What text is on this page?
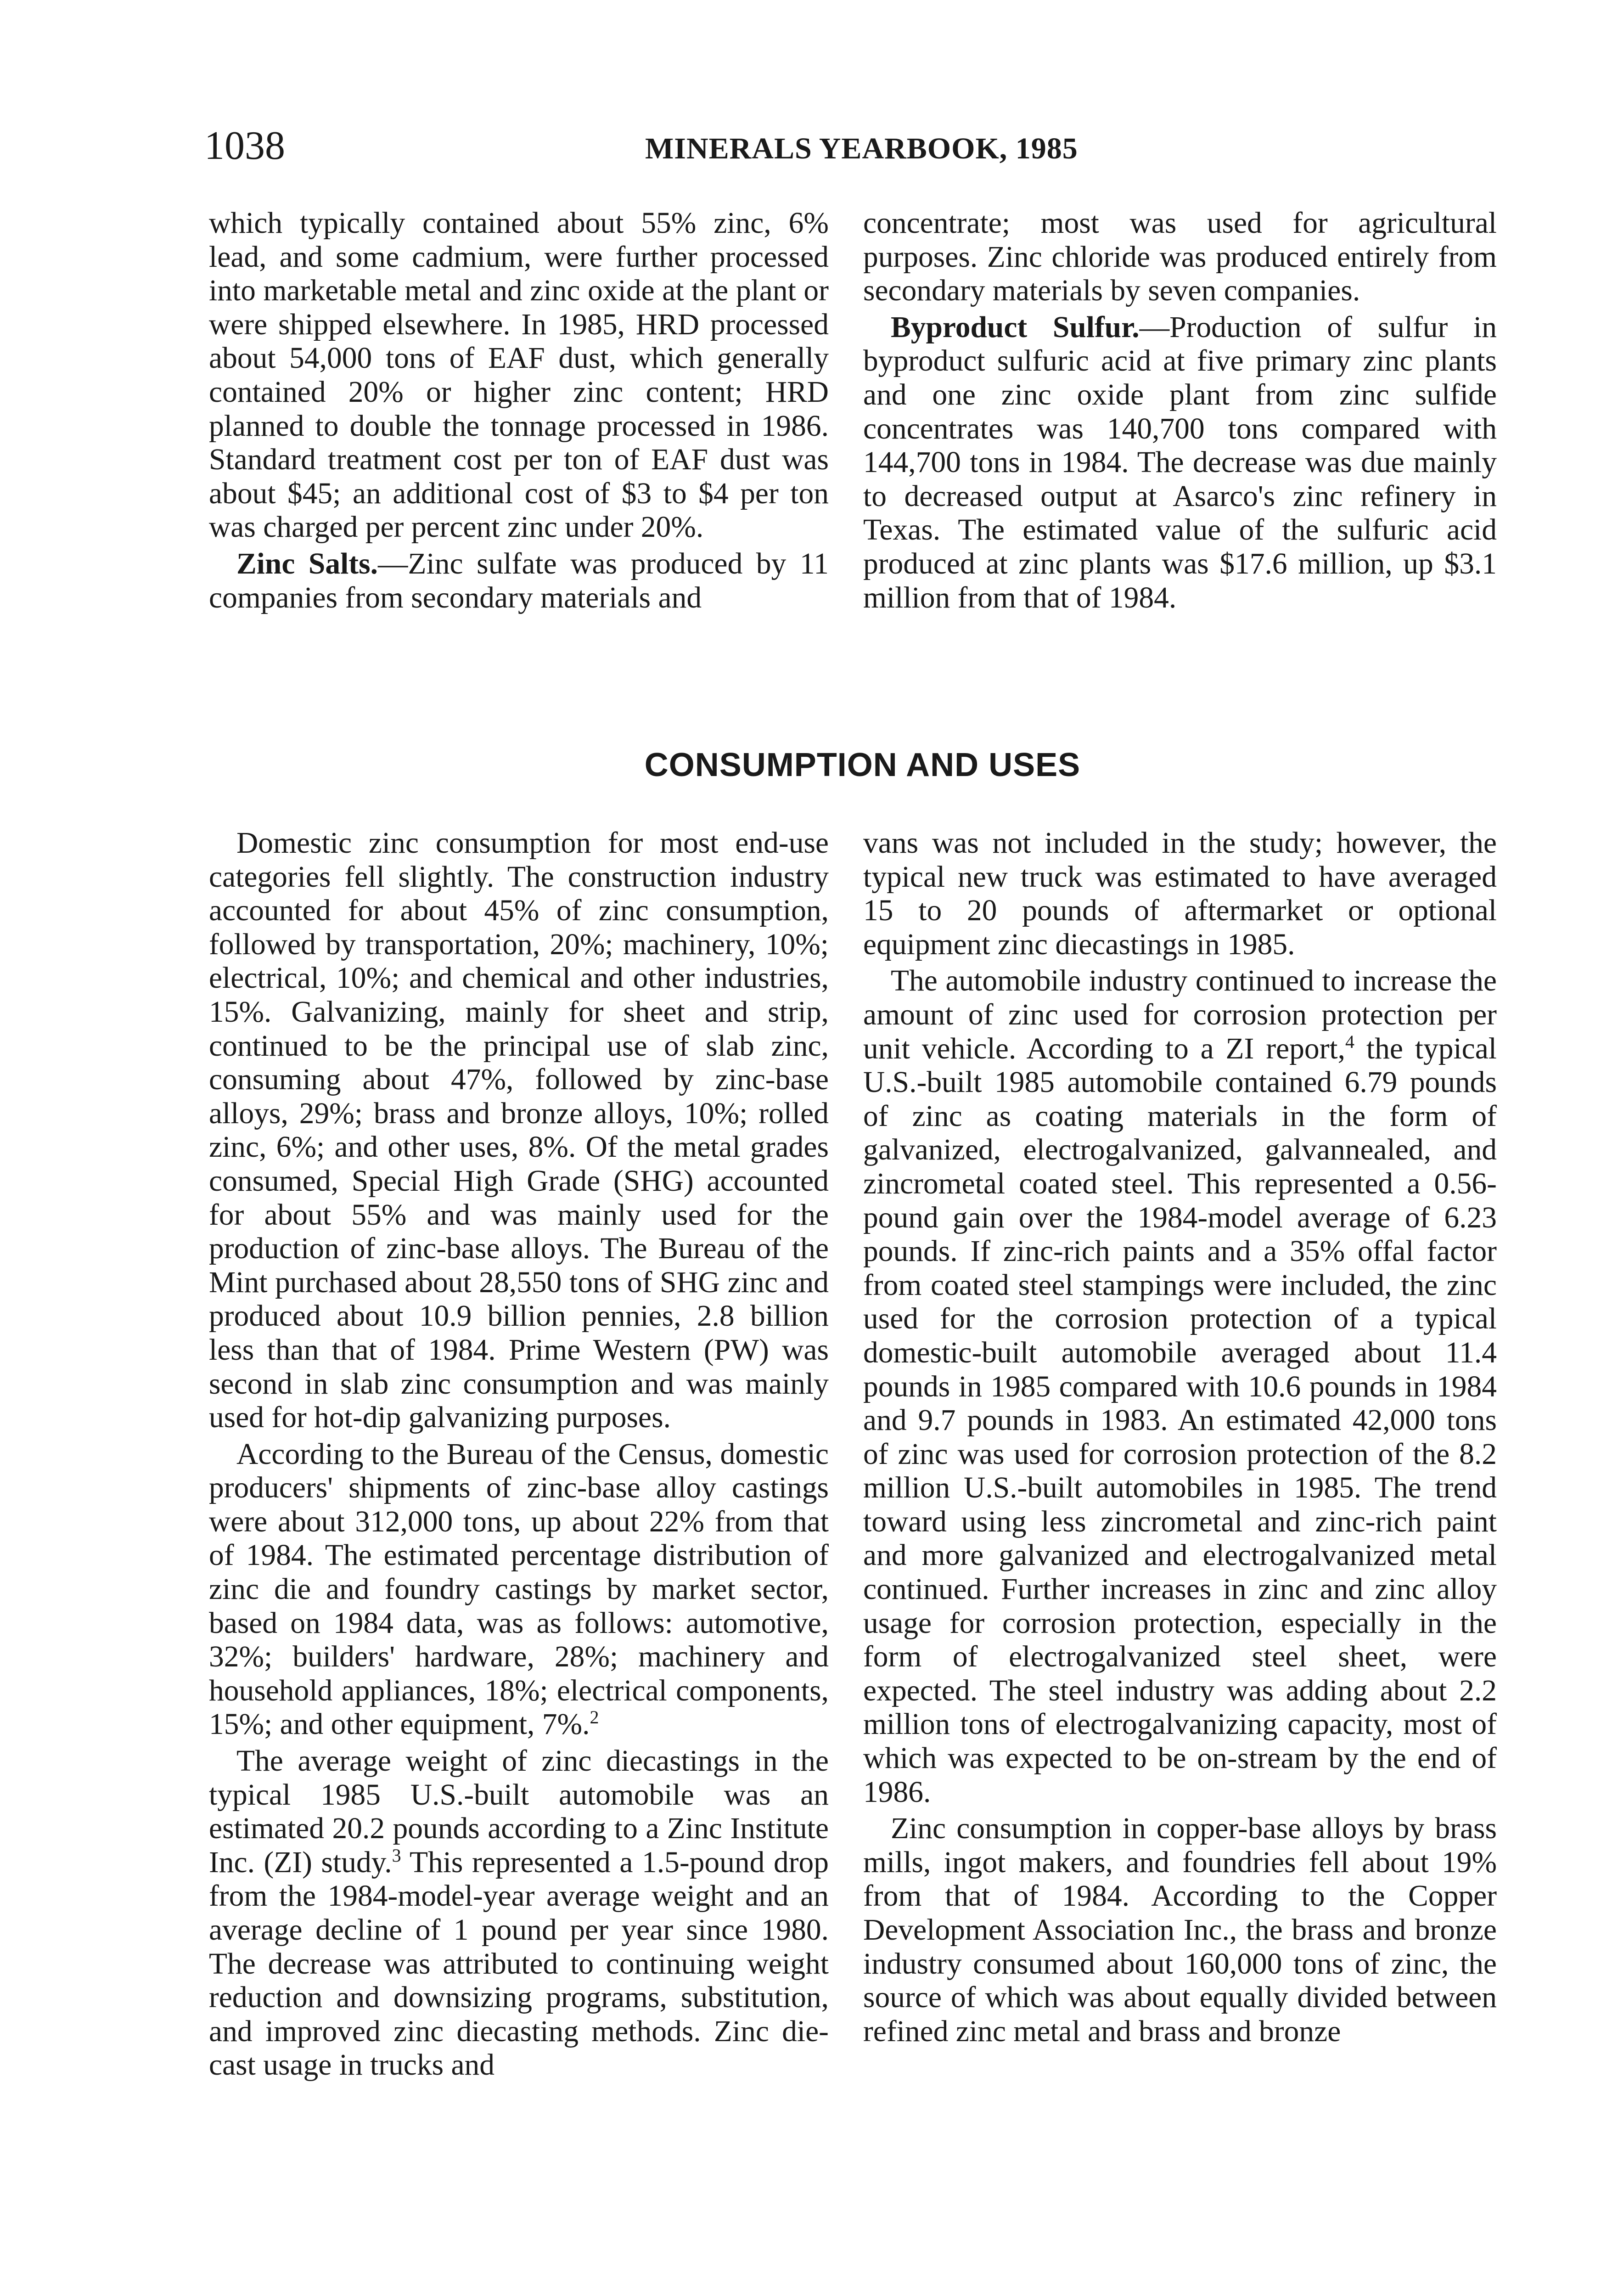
1038	MINERALS YEARBOOK, 1985

which typically contained about 55% zinc, 6% lead, and some cadmium, were further processed into marketable metal and zinc oxide at the plant or were shipped elsewhere. In 1985, HRD processed about 54,000 tons of EAF dust, which generally contained 20% or higher zinc content; HRD planned to double the tonnage processed in 1986. Standard treatment cost per ton of EAF dust was about $45; an additional cost of $3 to $4 per ton was charged per percent zinc under 20%.

Zinc Salts.—Zinc sulfate was produced by 11 companies from secondary materials and

concentrate; most was used for agricultural purposes. Zinc chloride was produced entirely from secondary materials by seven companies.

Byproduct Sulfur.—Production of sulfur in byproduct sulfuric acid at five primary zinc plants and one zinc oxide plant from zinc sulfide concentrates was 140,700 tons compared with 144,700 tons in 1984. The decrease was due mainly to decreased output at Asarco's zinc refinery in Texas. The estimated value of the sulfuric acid produced at zinc plants was $17.6 million, up $3.1 million from that of 1984.

CONSUMPTION AND USES

Domestic zinc consumption for most end-use categories fell slightly. The construction industry accounted for about 45% of zinc consumption, followed by transportation, 20%; machinery, 10%; electrical, 10%; and chemical and other industries, 15%. Galvanizing, mainly for sheet and strip, continued to be the principal use of slab zinc, consuming about 47%, followed by zinc-base alloys, 29%; brass and bronze alloys, 10%; rolled zinc, 6%; and other uses, 8%. Of the metal grades consumed, Special High Grade (SHG) accounted for about 55% and was mainly used for the production of zinc-base alloys. The Bureau of the Mint purchased about 28,550 tons of SHG zinc and produced about 10.9 billion pennies, 2.8 billion less than that of 1984. Prime Western (PW) was second in slab zinc consumption and was mainly used for hot-dip galvanizing purposes.

According to the Bureau of the Census, domestic producers' shipments of zinc-base alloy castings were about 312,000 tons, up about 22% from that of 1984. The estimated percentage distribution of zinc die and foundry castings by market sector, based on 1984 data, was as follows: automotive, 32%; builders' hardware, 28%; machinery and household appliances, 18%; electrical components, 15%; and other equipment, 7%.$^2$

The average weight of zinc diecastings in the typical 1985 U.S.-built automobile was an estimated 20.2 pounds according to a Zinc Institute Inc. (ZI) study.$^3$ This represented a 1.5-pound drop from the 1984-model-year average weight and an average decline of 1 pound per year since 1980. The decrease was attributed to continuing weight reduction and downsizing programs, substitution, and improved zinc diecasting methods. Zinc die-cast usage in trucks and

vans was not included in the study; however, the typical new truck was estimated to have averaged 15 to 20 pounds of aftermarket or optional equipment zinc diecastings in 1985.

The automobile industry continued to increase the amount of zinc used for corrosion protection per unit vehicle. According to a ZI report,$^4$ the typical U.S.-built 1985 automobile contained 6.79 pounds of zinc as coating materials in the form of galvanized, electrogalvanized, galvannealed, and zincrometal coated steel. This represented a 0.56-pound gain over the 1984-model average of 6.23 pounds. If zinc-rich paints and a 35% offal factor from coated steel stampings were included, the zinc used for the corrosion protection of a typical domestic-built automobile averaged about 11.4 pounds in 1985 compared with 10.6 pounds in 1984 and 9.7 pounds in 1983. An estimated 42,000 tons of zinc was used for corrosion protection of the 8.2 million U.S.-built automobiles in 1985. The trend toward using less zincrometal and zinc-rich paint and more galvanized and electrogalvanized metal continued. Further increases in zinc and zinc alloy usage for corrosion protection, especially in the form of electrogalvanized steel sheet, were expected. The steel industry was adding about 2.2 million tons of electrogalvanizing capacity, most of which was expected to be on-stream by the end of 1986.

Zinc consumption in copper-base alloys by brass mills, ingot makers, and foundries fell about 19% from that of 1984. According to the Copper Development Association Inc., the brass and bronze industry consumed about 160,000 tons of zinc, the source of which was about equally divided between refined zinc metal and brass and bronze
